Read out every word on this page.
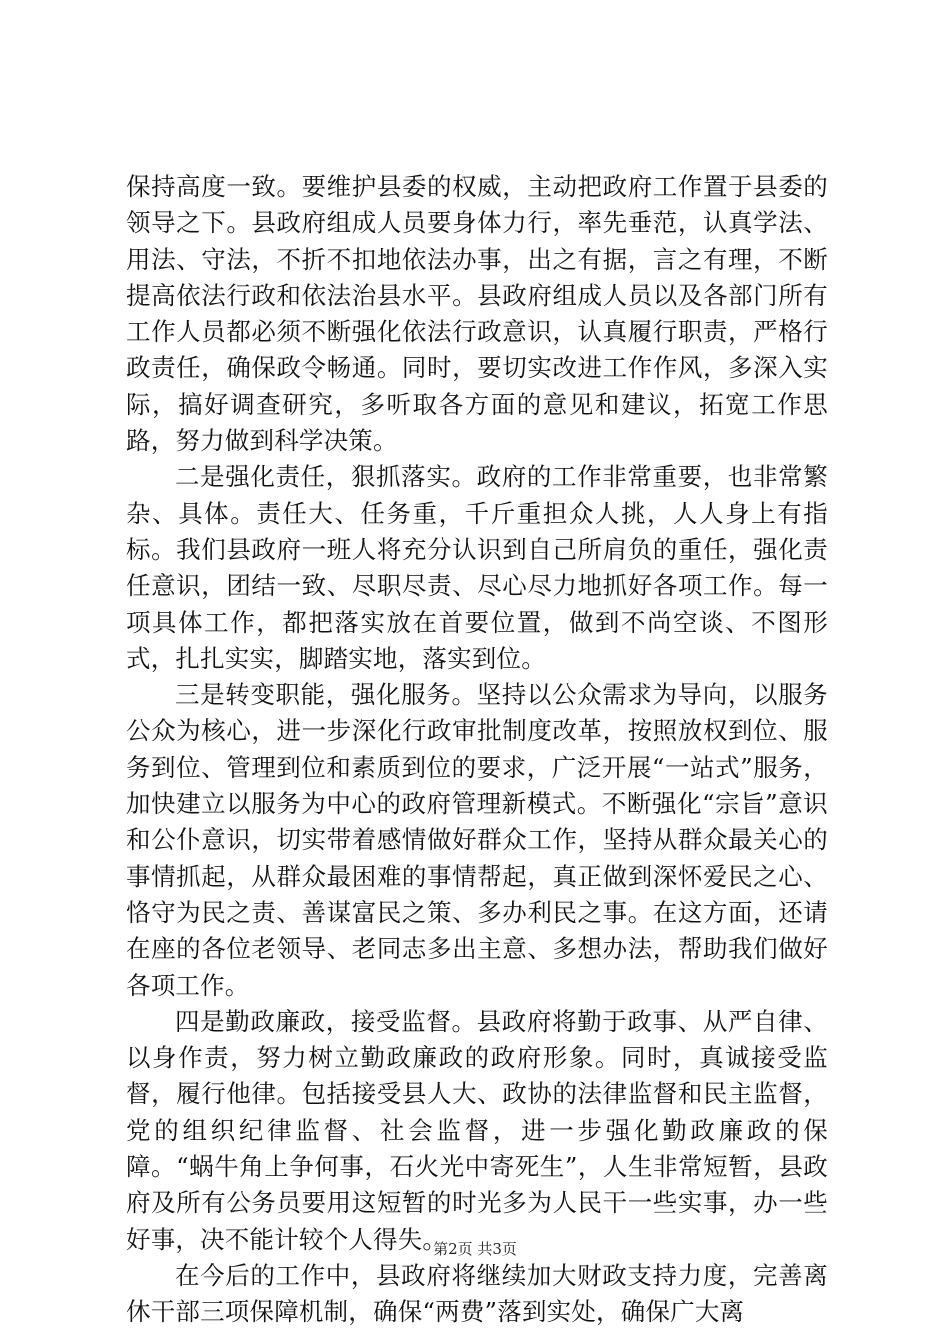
保持高度一致。要维护县委的权威，主动把政府工作置于县委的领导之下。县政府组成人员要身体力行，率先垂范，认真学法、用法、守法，不折不扣地依法办事，出之有据，言之有理，不断提高依法行政和依法治县水平。县政府组成人员以及各部门所有工作人员都必须不断强化依法行政意识，认真履行职责，严格行政责任，确保政令畅通。同时，要切实改进工作作风，多深入实际，搞好调查研究，多听取各方面的意见和建议，拓宽工作思路，努力做到科学决策。

二是强化责任，狠抓落实。政府的工作非常重要，也非常繁杂、具体。责任大、任务重，千斤重担众人挑，人人身上有指标。我们县政府一班人将充分认识到自己所肩负的重任，强化责任意识，团结一致、尽职尽责、尽心尽力地抓好各项工作。每一项具体工作，都把落实放在首要位置，做到不尚空谈、不图形式，扎扎实实，脚踏实地，落实到位。

三是转变职能，强化服务。坚持以公众需求为导向，以服务公众为核心，进一步深化行政审批制度改革，按照放权到位、服务到位、管理到位和素质到位的要求，广泛开展“一站式”服务，加快建立以服务为中心的政府管理新模式。不断强化“宗旨”意识和公仆意识，切实带着感情做好群众工作，坚持从群众最关心的事情抓起，从群众最困难的事情帮起，真正做到深怀爱民之心、恪守为民之责、善谋富民之策、多办利民之事。在这方面，还请在座的各位老领导、老同志多出主意、多想办法，帮助我们做好各项工作。

四是勤政廉政，接受监督。县政府将勤于政事、从严自律、以身作责，努力树立勤政廉政的政府形象。同时，真诚接受监督，履行他律。包括接受县人大、政协的法律监督和民主监督，党的组织纪律监督、社会监督，进一步强化勤政廉政的保障。“蜗牛角上争何事，石火光中寄死生”，人生非常短暂，县政府及所有公务员要用这短暂的时光多为人民干一些实事，办一些好事，决不能计较个人得失。

在今后的工作中，县政府将继续加大财政支持力度，完善离休干部三项保障机制，确保“两费”落到实处，确保广大离

第2页 共3页
